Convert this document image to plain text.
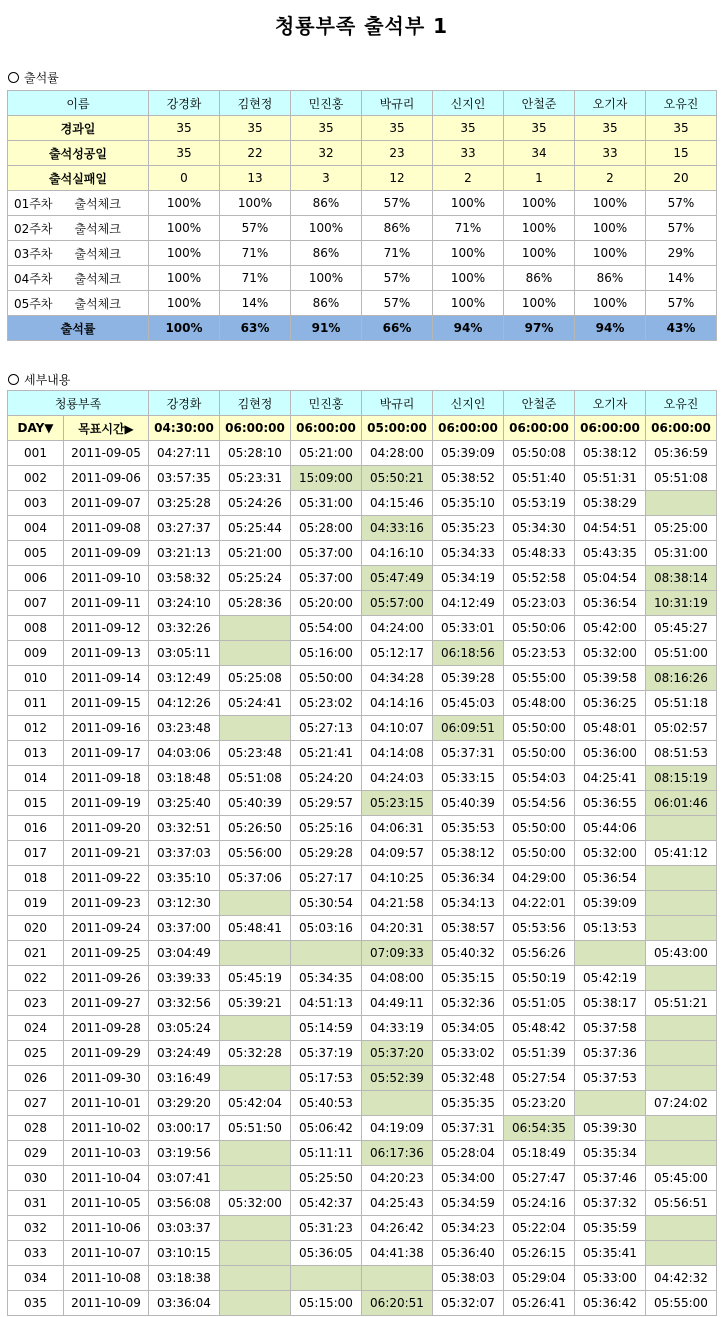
청룡부족 출석부 1
출석률
이름	강경화	김현정	민진홍	박규리	신지인	안철준	오기자	오유진
경과일	35	35	35	35	35	35	35	35
출석성공일	35	22	32	23	33	34	33	15
출석실패일	0	13	3	12	2	1	2	20
01주차 출석체크	100%	100%	86%	57%	100%	100%	100%	57%
02주차 출석체크	100%	57%	100%	86%	71%	100%	100%	57%
03주차 출석체크	100%	71%	86%	71%	100%	100%	100%	29%
04주차 출석체크	100%	71%	100%	57%	100%	86%	86%	14%
05주차 출석체크	100%	14%	86%	57%	100%	100%	100%	57%
출석률	100%	63%	91%	66%	94%	97%	94%	43%
세부내용
청룡부족		강경화	김현정	민진홍	박규리	신지인	안철준	오기자	오유진
DAY▼	목표시간▶	04:30:00	06:00:00	06:00:00	05:00:00	06:00:00	06:00:00	06:00:00	06:00:00
001	2011-09-05	04:27:11	05:28:10	05:21:00	04:28:00	05:39:09	05:50:08	05:38:12	05:36:59
002	2011-09-06	03:57:35	05:23:31	15:09:00	05:50:21	05:38:52	05:51:40	05:51:31	05:51:08
003	2011-09-07	03:25:28	05:24:26	05:31:00	04:15:46	05:35:10	05:53:19	05:38:29	
004	2011-09-08	03:27:37	05:25:44	05:28:00	04:33:16	05:35:23	05:34:30	04:54:51	05:25:00
005	2011-09-09	03:21:13	05:21:00	05:37:00	04:16:10	05:34:33	05:48:33	05:43:35	05:31:00
006	2011-09-10	03:58:32	05:25:24	05:37:00	05:47:49	05:34:19	05:52:58	05:04:54	08:38:14
007	2011-09-11	03:24:10	05:28:36	05:20:00	05:57:00	04:12:49	05:23:03	05:36:54	10:31:19
008	2011-09-12	03:32:26		05:54:00	04:24:00	05:33:01	05:50:06	05:42:00	05:45:27
009	2011-09-13	03:05:11		05:16:00	05:12:17	06:18:56	05:23:53	05:32:00	05:51:00
010	2011-09-14	03:12:49	05:25:08	05:50:00	04:34:28	05:39:28	05:55:00	05:39:58	08:16:26
011	2011-09-15	04:12:26	05:24:41	05:23:02	04:14:16	05:45:03	05:48:00	05:36:25	05:51:18
012	2011-09-16	03:23:48		05:27:13	04:10:07	06:09:51	05:50:00	05:48:01	05:02:57
013	2011-09-17	04:03:06	05:23:48	05:21:41	04:14:08	05:37:31	05:50:00	05:36:00	08:51:53
014	2011-09-18	03:18:48	05:51:08	05:24:20	04:24:03	05:33:15	05:54:03	04:25:41	08:15:19
015	2011-09-19	03:25:40	05:40:39	05:29:57	05:23:15	05:40:39	05:54:56	05:36:55	06:01:46
016	2011-09-20	03:32:51	05:26:50	05:25:16	04:06:31	05:35:53	05:50:00	05:44:06	
017	2011-09-21	03:37:03	05:56:00	05:29:28	04:09:57	05:38:12	05:50:00	05:32:00	05:41:12
018	2011-09-22	03:35:10	05:37:06	05:27:17	04:10:25	05:36:34	04:29:00	05:36:54	
019	2011-09-23	03:12:30		05:30:54	04:21:58	05:34:13	04:22:01	05:39:09	
020	2011-09-24	03:37:00	05:48:41	05:03:16	04:20:31	05:38:57	05:53:56	05:13:53	
021	2011-09-25	03:04:49			07:09:33	05:40:32	05:56:26		05:43:00
022	2011-09-26	03:39:33	05:45:19	05:34:35	04:08:00	05:35:15	05:50:19	05:42:19	
023	2011-09-27	03:32:56	05:39:21	04:51:13	04:49:11	05:32:36	05:51:05	05:38:17	05:51:21
024	2011-09-28	03:05:24		05:14:59	04:33:19	05:34:05	05:48:42	05:37:58	
025	2011-09-29	03:24:49	05:32:28	05:37:19	05:37:20	05:33:02	05:51:39	05:37:36	
026	2011-09-30	03:16:49		05:17:53	05:52:39	05:32:48	05:27:54	05:37:53	
027	2011-10-01	03:29:20	05:42:04	05:40:53		05:35:35	05:23:20		07:24:02
028	2011-10-02	03:00:17	05:51:50	05:06:42	04:19:09	05:37:31	06:54:35	05:39:30	
029	2011-10-03	03:19:56		05:11:11	06:17:36	05:28:04	05:18:49	05:35:34	
030	2011-10-04	03:07:41		05:25:50	04:20:23	05:34:00	05:27:47	05:37:46	05:45:00
031	2011-10-05	03:56:08	05:32:00	05:42:37	04:25:43	05:34:59	05:24:16	05:37:32	05:56:51
032	2011-10-06	03:03:37		05:31:23	04:26:42	05:34:23	05:22:04	05:35:59	
033	2011-10-07	03:10:15		05:36:05	04:41:38	05:36:40	05:26:15	05:35:41	
034	2011-10-08	03:18:38				05:38:03	05:29:04	05:33:00	04:42:32
035	2011-10-09	03:36:04		05:15:00	06:20:51	05:32:07	05:26:41	05:36:42	05:55:00
